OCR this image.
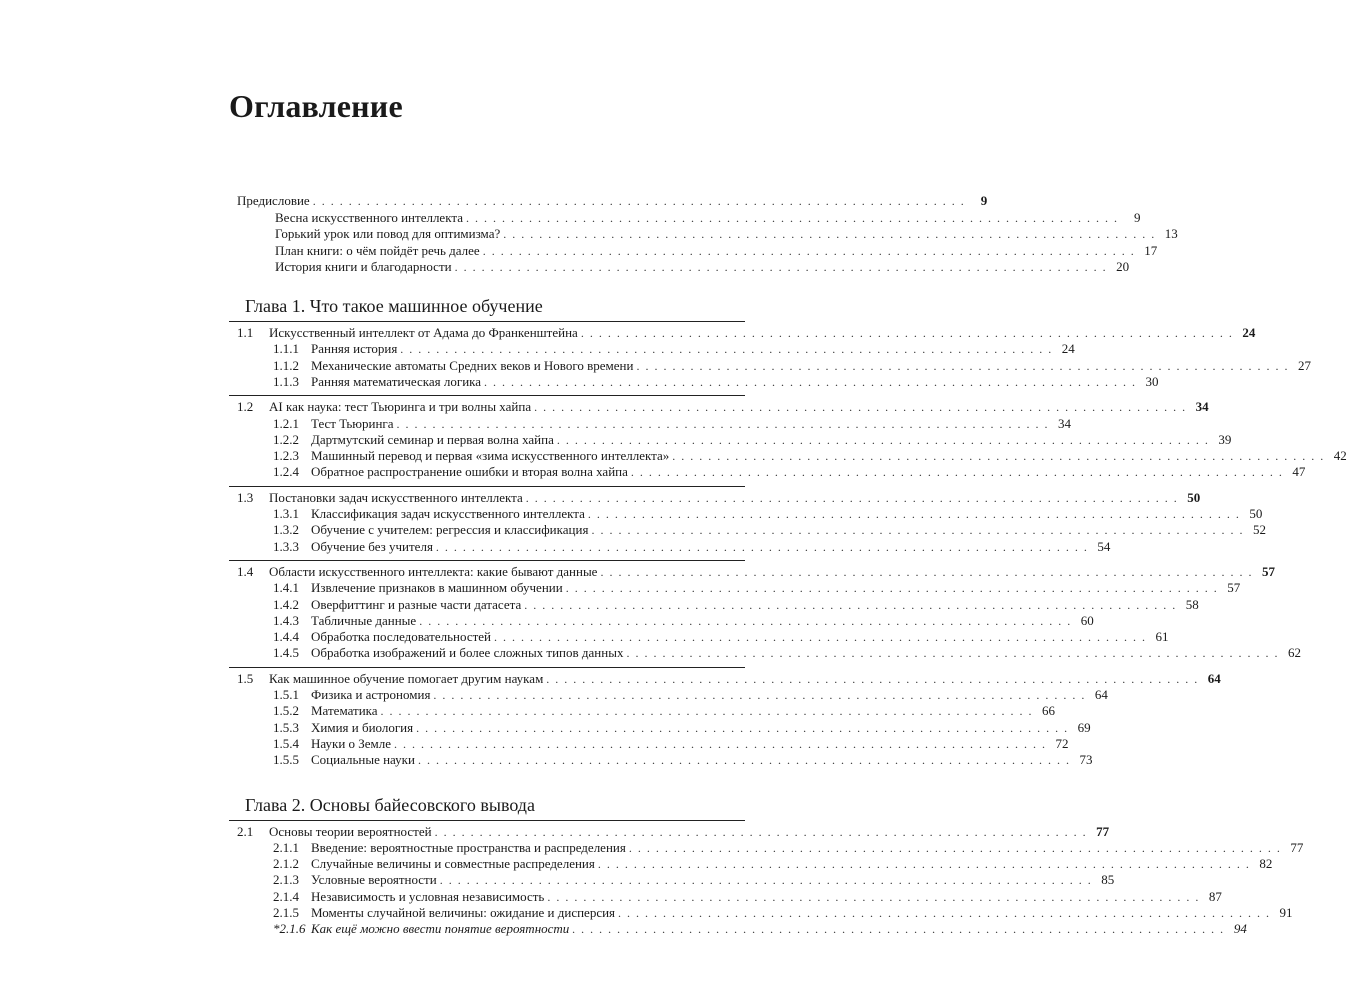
Оглавление
Предисловие . . . . . . . . . . . . . . . . . . . . . . . . . . . . . . . . . . . . . . . . . . . . . . . . . . . . . . . . . . . . . . . . . . . . . . . . .	9
Весна искусственного интеллекта . . . . . . . . . . . . . . . . . . . . . . . . . . . . . . . . . . . . . . . . . . . . . . . . . . . . . . . . . . . . . . . . . . . . . . . . .	9
Горький урок или повод для оптимизма? . . . . . . . . . . . . . . . . . . . . . . . . . . . . . . . . . . . . . . . . . . . . . . . . . . . . . . . . . . . . . . . . . . . . . . . . . 13
План книги: о чём пойдёт речь далее . . . . . . . . . . . . . . . . . . . . . . . . . . . . . . . . . . . . . . . . . . . . . . . . . . . . . . . . . . . . . . . . . . . . . . . . . 17
История книги и благодарности . . . . . . . . . . . . . . . . . . . . . . . . . . . . . . . . . . . . . . . . . . . . . . . . . . . . . . . . . . . . . . . . . . . . . . . . . 20
Глава 1. Что такое машинное обучение
1.1	Искусственный интеллект от Адама до Франкенштейна . . . . . . . . . . . . . . . . . . . . . . . . . . . . . . . . . . . . . . . . . . . . . . . . . . . . . . . . . . . . . . . . . . . . . . . . . 24
1.1.1 Ранняя история . . . . . . . . . . . . . . . . . . . . . . . . . . . . . . . . . . . . . . . . . . . . . . . . . . . . . . . . . . . . . . . . . . . . . . . . . 24
1.1.2 Механические автоматы Средних веков и Нового времени . . . . . . . . . . . . . . . . . . . . . . . . . . . . . . . . . . . . . . . . . . . . . . . . . . . . . . . . . . . . . . . . . . . . . . . . . 27
1.1.3 Ранняя математическая логика . . . . . . . . . . . . . . . . . . . . . . . . . . . . . . . . . . . . . . . . . . . . . . . . . . . . . . . . . . . . . . . . . . . . . . . . . 30
1.2	AI как наука: тест Тьюринга и три волны хайпа . . . . . . . . . . . . . . . . . . . . . . . . . . . . . . . . . . . . . . . . . . . . . . . . . . . . . . . . . . . . . . . . . . . . . . . . . 34
1.2.1 Тест Тьюринга . . . . . . . . . . . . . . . . . . . . . . . . . . . . . . . . . . . . . . . . . . . . . . . . . . . . . . . . . . . . . . . . . . . . . . . . . 34
1.2.2 Дартмутский семинар и первая волна хайпа . . . . . . . . . . . . . . . . . . . . . . . . . . . . . . . . . . . . . . . . . . . . . . . . . . . . . . . . . . . . . . . . . . . . . . . . . 39
1.2.3 Машинный перевод и первая «зима искусственного интеллекта» . . . . . . . . . . . . . . . . . . . . . . . . . . . . . . . . . . . . . . . . . . . . . . . . . . . . . . . . . . . . . . . . . . . . . . . . . 42
1.2.4 Обратное распространение ошибки и вторая волна хайпа . . . . . . . . . . . . . . . . . . . . . . . . . . . . . . . . . . . . . . . . . . . . . . . . . . . . . . . . . . . . . . . . . . . . . . . . . 47
1.3	Постановки задач искусственного интеллекта . . . . . . . . . . . . . . . . . . . . . . . . . . . . . . . . . . . . . . . . . . . . . . . . . . . . . . . . . . . . . . . . . . . . . . . . . 50
1.3.1 Классификация задач искусственного интеллекта . . . . . . . . . . . . . . . . . . . . . . . . . . . . . . . . . . . . . . . . . . . . . . . . . . . . . . . . . . . . . . . . . . . . . . . . . 50
1.3.2 Обучение с учителем: регрессия и классификация . . . . . . . . . . . . . . . . . . . . . . . . . . . . . . . . . . . . . . . . . . . . . . . . . . . . . . . . . . . . . . . . . . . . . . . . . 52
1.3.3 Обучение без учителя . . . . . . . . . . . . . . . . . . . . . . . . . . . . . . . . . . . . . . . . . . . . . . . . . . . . . . . . . . . . . . . . . . . . . . . . . 54
1.4	Области искусственного интеллекта: какие бывают данные . . . . . . . . . . . . . . . . . . . . . . . . . . . . . . . . . . . . . . . . . . . . . . . . . . . . . . . . . . . . . . . . . . . . . . . . . 57
1.4.1 Извлечение признаков в машинном обучении . . . . . . . . . . . . . . . . . . . . . . . . . . . . . . . . . . . . . . . . . . . . . . . . . . . . . . . . . . . . . . . . . . . . . . . . . 57
1.4.2 Оверфиттинг и разные части датасета . . . . . . . . . . . . . . . . . . . . . . . . . . . . . . . . . . . . . . . . . . . . . . . . . . . . . . . . . . . . . . . . . . . . . . . . . 58
1.4.3 Табличные данные . . . . . . . . . . . . . . . . . . . . . . . . . . . . . . . . . . . . . . . . . . . . . . . . . . . . . . . . . . . . . . . . . . . . . . . . . 60
1.4.4 Обработка последовательностей . . . . . . . . . . . . . . . . . . . . . . . . . . . . . . . . . . . . . . . . . . . . . . . . . . . . . . . . . . . . . . . . . . . . . . . . . 61
1.4.5 Обработка изображений и более сложных типов данных . . . . . . . . . . . . . . . . . . . . . . . . . . . . . . . . . . . . . . . . . . . . . . . . . . . . . . . . . . . . . . . . . . . . . . . . . 62
1.5	Как машинное обучение помогает другим наукам . . . . . . . . . . . . . . . . . . . . . . . . . . . . . . . . . . . . . . . . . . . . . . . . . . . . . . . . . . . . . . . . . . . . . . . . . 64
1.5.1 Физика и астрономия . . . . . . . . . . . . . . . . . . . . . . . . . . . . . . . . . . . . . . . . . . . . . . . . . . . . . . . . . . . . . . . . . . . . . . . . . 64
1.5.2 Математика . . . . . . . . . . . . . . . . . . . . . . . . . . . . . . . . . . . . . . . . . . . . . . . . . . . . . . . . . . . . . . . . . . . . . . . . . 66
1.5.3 Химия и биология . . . . . . . . . . . . . . . . . . . . . . . . . . . . . . . . . . . . . . . . . . . . . . . . . . . . . . . . . . . . . . . . . . . . . . . . . 69
1.5.4 Науки о Земле . . . . . . . . . . . . . . . . . . . . . . . . . . . . . . . . . . . . . . . . . . . . . . . . . . . . . . . . . . . . . . . . . . . . . . . . . 72
1.5.5 Социальные науки . . . . . . . . . . . . . . . . . . . . . . . . . . . . . . . . . . . . . . . . . . . . . . . . . . . . . . . . . . . . . . . . . . . . . . . . . 73
Глава 2. Основы байесовского вывода
2.1	Основы теории вероятностей . . . . . . . . . . . . . . . . . . . . . . . . . . . . . . . . . . . . . . . . . . . . . . . . . . . . . . . . . . . . . . . . . . . . . . . . . 77
2.1.1 Введение: вероятностные пространства и распределения . . . . . . . . . . . . . . . . . . . . . . . . . . . . . . . . . . . . . . . . . . . . . . . . . . . . . . . . . . . . . . . . . . . . . . . . . 77
2.1.2 Случайные величины и совместные распределения . . . . . . . . . . . . . . . . . . . . . . . . . . . . . . . . . . . . . . . . . . . . . . . . . . . . . . . . . . . . . . . . . . . . . . . . . 82
2.1.3 Условные вероятности . . . . . . . . . . . . . . . . . . . . . . . . . . . . . . . . . . . . . . . . . . . . . . . . . . . . . . . . . . . . . . . . . . . . . . . . . 85
2.1.4 Независимость и условная независимость . . . . . . . . . . . . . . . . . . . . . . . . . . . . . . . . . . . . . . . . . . . . . . . . . . . . . . . . . . . . . . . . . . . . . . . . . 87
2.1.5 Моменты случайной величины: ожидание и дисперсия . . . . . . . . . . . . . . . . . . . . . . . . . . . . . . . . . . . . . . . . . . . . . . . . . . . . . . . . . . . . . . . . . . . . . . . . . 91
*2.1.6 Как ещё можно ввести понятие вероятности . . . . . . . . . . . . . . . . . . . . . . . . . . . . . . . . . . . . . . . . . . . . . . . . . . . . . . . . . . . . . . . . . . . . . . . . . 94
